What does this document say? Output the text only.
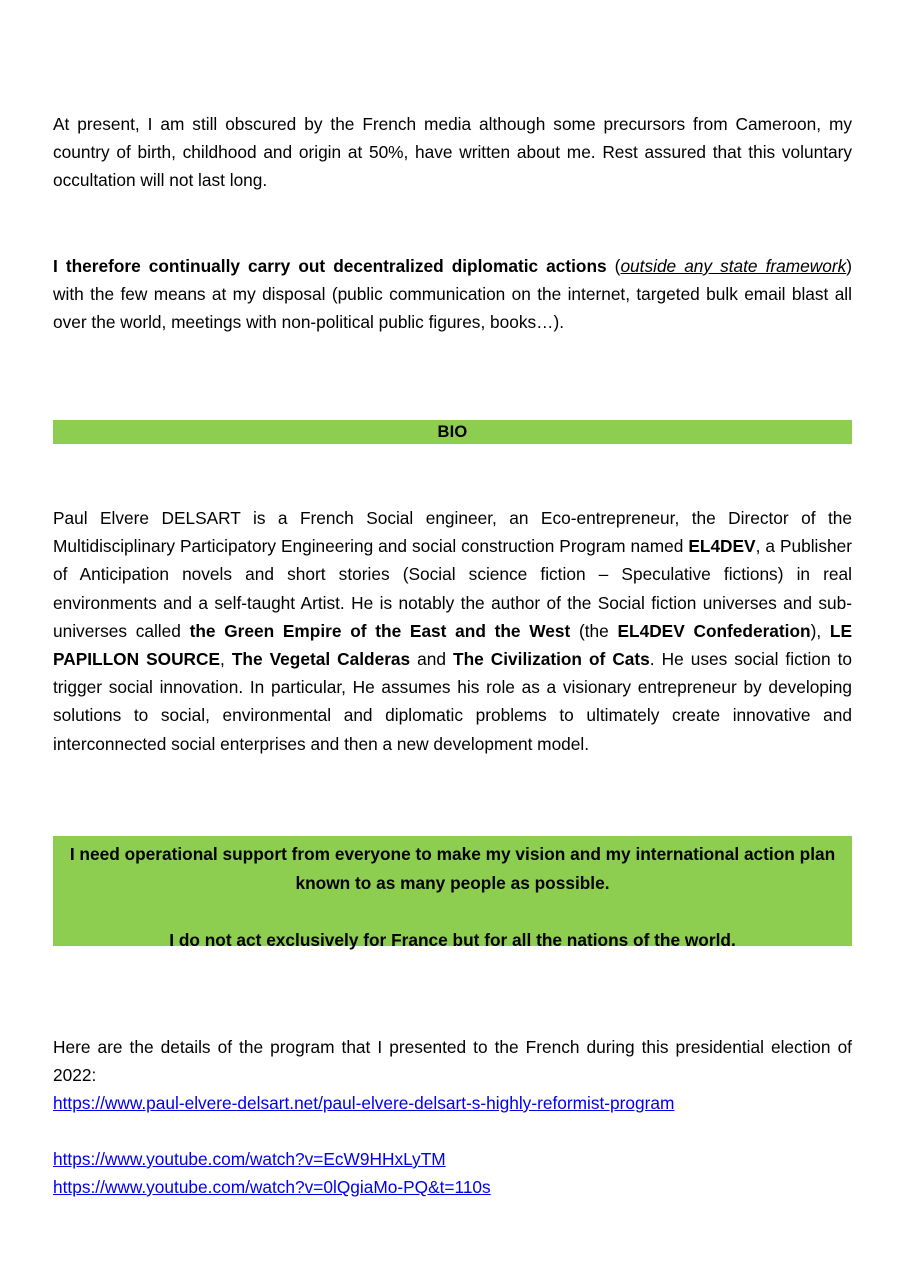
At present, I am still obscured by the French media although some precursors from Cameroon, my country of birth, childhood and origin at 50%, have written about me. Rest assured that this voluntary occultation will not last long.

I therefore continually carry out decentralized diplomatic actions (outside any state framework) with the few means at my disposal (public communication on the internet, targeted bulk email blast all over the world, meetings with non-political public figures, books…).

BIO

Paul Elvere DELSART is a French Social engineer, an Eco-entrepreneur, the Director of the Multidisciplinary Participatory Engineering and social construction Program named EL4DEV, a Publisher of Anticipation novels and short stories (Social science fiction – Speculative fictions) in real environments and a self-taught Artist. He is notably the author of the Social fiction universes and sub-universes called the Green Empire of the East and the West (the EL4DEV Confederation), LE PAPILLON SOURCE, The Vegetal Calderas and The Civilization of Cats. He uses social fiction to trigger social innovation. In particular, He assumes his role as a visionary entrepreneur by developing solutions to social, environmental and diplomatic problems to ultimately create innovative and interconnected social enterprises and then a new development model.

I need operational support from everyone to make my vision and my international action plan known to as many people as possible.

I do not act exclusively for France but for all the nations of the world.

Here are the details of the program that I presented to the French during this presidential election of 2022:

https://www.paul-elvere-delsart.net/paul-elvere-delsart-s-highly-reformist-program
https://www.youtube.com/watch?v=EcW9HHxLyTM
https://www.youtube.com/watch?v=0lQgiaMo-PQ&t=110s
